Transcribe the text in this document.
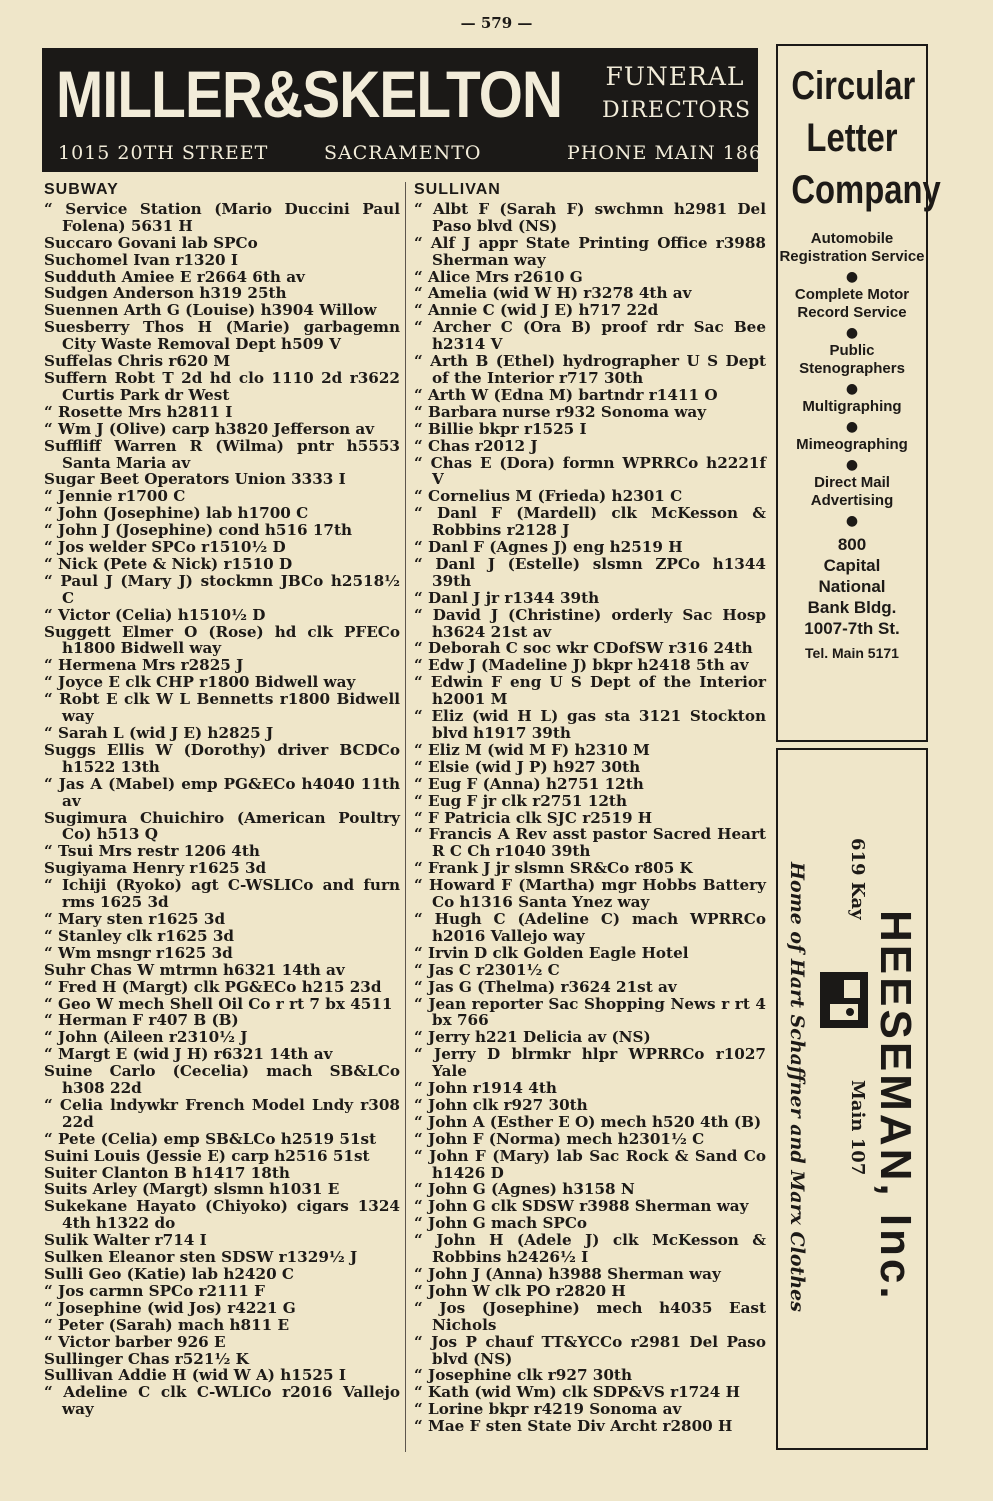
— 579 —
MILLER&SKELTON FUNERAL
DIRECTORS
1015 20TH STREET	SACRAMENTO	PHONE MAIN 186
SUBWAY

“ Service Station (Mario Duccini Paul Folena) 5631 H

Succaro Govani lab SPCo

Suchomel Ivan r1320 I

Sudduth Amiee E r2664 6th av

Sudgen Anderson h319 25th

Suennen Arth G (Louise) h3904 Willow

Suesberry Thos H (Marie) garbagemn City Waste Removal Dept h509 V

Suffelas Chris r620 M

Suffern Robt T 2d hd clo 1110 2d r3622 Curtis Park dr West

“ Rosette Mrs h2811 I

“ Wm J (Olive) carp h3820 Jefferson av

Suffliff Warren R (Wilma) pntr h5553 Santa Maria av

Sugar Beet Operators Union 3333 I

“ Jennie r1700 C

“ John (Josephine) lab h1700 C

“ John J (Josephine) cond h516 17th

“ Jos welder SPCo r1510½ D

“ Nick (Pete & Nick) r1510 D

“ Paul J (Mary J) stockmn JBCo h2518½ C

“ Victor (Celia) h1510½ D

Suggett Elmer O (Rose) hd clk PFECo h1800 Bidwell way

“ Hermena Mrs r2825 J

“ Joyce E clk CHP r1800 Bidwell way

“ Robt E clk W L Bennetts r1800 Bidwell way

“ Sarah L (wid J E) h2825 J

Suggs Ellis W (Dorothy) driver BCDCo h1522 13th

“ Jas A (Mabel) emp PG&ECo h4040 11th av

Sugimura Chuichiro (American Poultry Co) h513 Q

“ Tsui Mrs restr 1206 4th

Sugiyama Henry r1625 3d

“ Ichiji (Ryoko) agt C-WSLICo and furn rms 1625 3d

“ Mary sten r1625 3d

“ Stanley clk r1625 3d

“ Wm msngr r1625 3d

Suhr Chas W mtrmn h6321 14th av

“ Fred H (Margt) clk PG&ECo h215 23d

“ Geo W mech Shell Oil Co r rt 7 bx 4511

“ Herman F r407 B (B)

“ John (Aileen r2310½ J

“ Margt E (wid J H) r6321 14th av

Suine Carlo (Cecelia) mach SB&LCo h308 22d

“ Celia lndywkr French Model Lndy r308 22d

“ Pete (Celia) emp SB&LCo h2519 51st

Suini Louis (Jessie E) carp h2516 51st

Suiter Clanton B h1417 18th

Suits Arley (Margt) slsmn h1031 E

Sukekane Hayato (Chiyoko) cigars 1324 4th h1322 do

Sulik Walter r714 I

Sulken Eleanor sten SDSW r1329½ J

Sulli Geo (Katie) lab h2420 C

“ Jos carmn SPCo r2111 F

“ Josephine (wid Jos) r4221 G

“ Peter (Sarah) mach h811 E

“ Victor barber 926 E

Sullinger Chas r521½ K

Sullivan Addie H (wid W A) h1525 I

“ Adeline C clk C-WLICo r2016 Vallejo way

SULLIVAN

“ Albt F (Sarah F) swchmn h2981 Del Paso blvd (NS)

“ Alf J appr State Printing Office r3988 Sherman way

“ Alice Mrs r2610 G

“ Amelia (wid W H) r3278 4th av

“ Annie C (wid J E) h717 22d

“ Archer C (Ora B) proof rdr Sac Bee h2314 V

“ Arth B (Ethel) hydrographer U S Dept of the Interior r717 30th

“ Arth W (Edna M) bartndr r1411 O

“ Barbara nurse r932 Sonoma way

“ Billie bkpr r1525 I

“ Chas r2012 J

“ Chas E (Dora) formn WPRRCo h2221f V

“ Cornelius M (Frieda) h2301 C

“ Danl F (Mardell) clk McKesson & Robbins r2128 J

“ Danl F (Agnes J) eng h2519 H

“ Danl J (Estelle) slsmn ZPCo h1344 39th

“ Danl J jr r1344 39th

“ David J (Christine) orderly Sac Hosp h3624 21st av

“ Deborah C soc wkr CDofSW r316 24th

“ Edw J (Madeline J) bkpr h2418 5th av

“ Edwin F eng U S Dept of the Interior h2001 M

“ Eliz (wid H L) gas sta 3121 Stockton blvd h1917 39th

“ Eliz M (wid M F) h2310 M

“ Elsie (wid J P) h927 30th

“ Eug F (Anna) h2751 12th

“ Eug F jr clk r2751 12th

“ F Patricia clk SJC r2519 H

“ Francis A Rev asst pastor Sacred Heart R C Ch r1040 39th

“ Frank J jr slsmn SR&Co r805 K

“ Howard F (Martha) mgr Hobbs Battery Co h1316 Santa Ynez way

“ Hugh C (Adeline C) mach WPRRCo h2016 Vallejo way

“ Irvin D clk Golden Eagle Hotel

“ Jas C r2301½ C

“ Jas G (Thelma) r3624 21st av

“ Jean reporter Sac Shopping News r rt 4 bx 766

“ Jerry h221 Delicia av (NS)

“ Jerry D blrmkr hlpr WPRRCo r1027 Yale

“ John r1914 4th

“ John clk r927 30th

“ John A (Esther E O) mech h520 4th (B)

“ John F (Norma) mech h2301½ C

“ John F (Mary) lab Sac Rock & Sand Co h1426 D

“ John G (Agnes) h3158 N

“ John G clk SDSW r3988 Sherman way

“ John G mach SPCo

“ John H (Adele J) clk McKesson & Robbins h2426½ I

“ John J (Anna) h3988 Sherman way

“ John W clk PO r2820 H

“ Jos (Josephine) mech h4035 East Nichols

“ Jos P chauf TT&YCCo r2981 Del Paso blvd (NS)

“ Josephine clk r927 30th

“ Kath (wid Wm) clk SDP&VS r1724 H

“ Lorine bkpr r4219 Sonoma av

“ Mae F sten State Div Archt r2800 H

Circular
Letter
Company
Automobile Registration Service
●
Complete Motor Record Service
●
Public Stenographers
●
Multigraphing
●
Mimeographing
●
Direct Mail Advertising
●
800
Capital
National
Bank Bldg.
1007-7th St.
Tel. Main 5171
HEESEMAN, Inc.
619 Kay
Main 107
Home of Hart Schaffner and Marx Clothes
